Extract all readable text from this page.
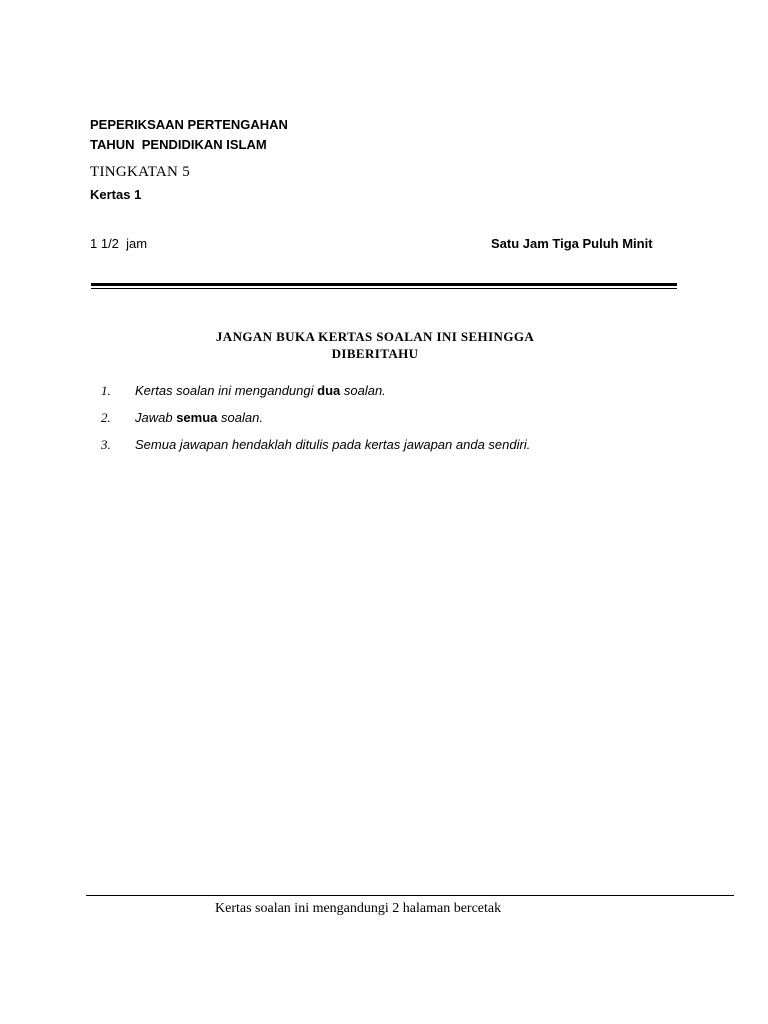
PEPERIKSAAN PERTENGAHAN
TAHUN  PENDIDIKAN ISLAM
TINGKATAN 5
Kertas 1
1 1/2  jam	Satu Jam Tiga Puluh Minit
JANGAN BUKA KERTAS SOALAN INI SEHINGGA
DIBERITAHU
1. Kertas soalan ini mengandungi dua soalan.
2. Jawab semua soalan.
3. Semua jawapan hendaklah ditulis pada kertas jawapan anda sendiri.
Kertas soalan ini mengandungi 2 halaman bercetak
